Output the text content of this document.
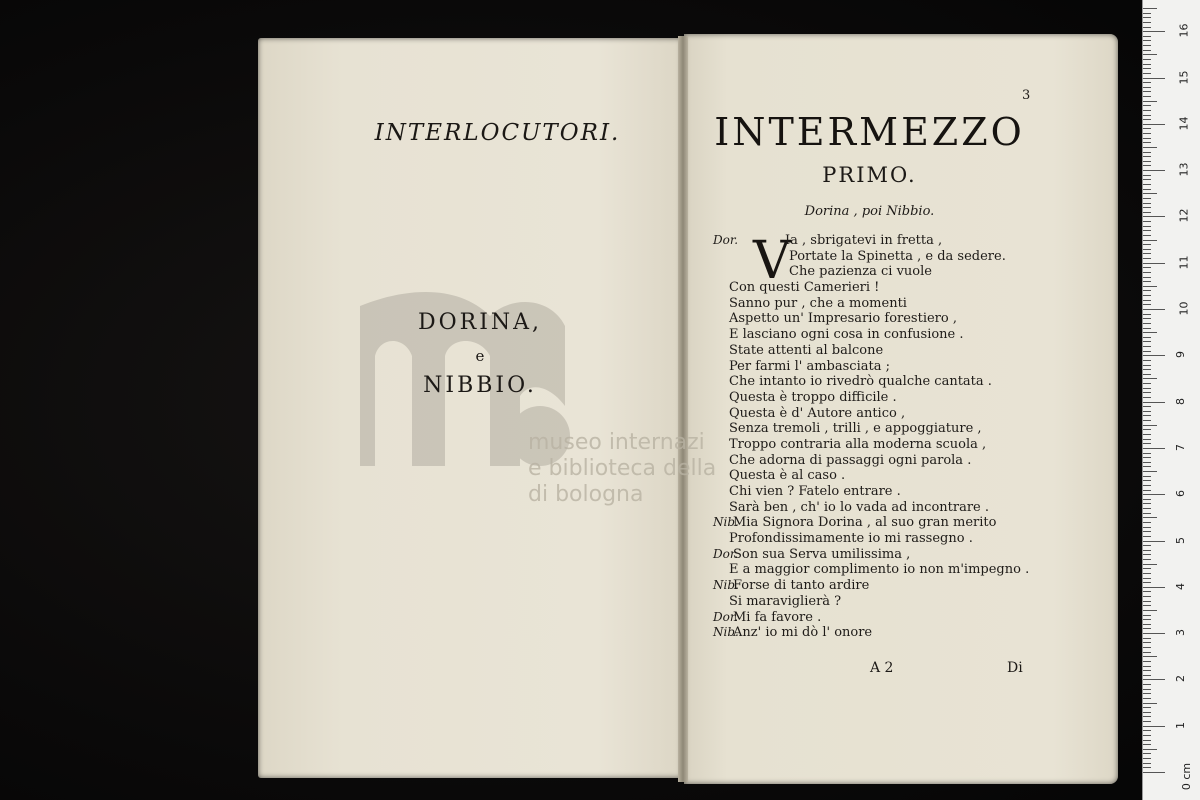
INTERLOCUTORI.
museo internazi
e biblioteca della
di bologna
DORINA,
e
NIBBIO.
3
INTERMEZZO
PRIMO.
Dorina , poi Nibbio.
V
Dor.	Ia , sbrigatevi in fretta ,
Portate la Spinetta , e da sedere.
Che pazienza ci vuole
Con questi Camerieri !
Sanno pur , che a momenti
Aspetto un' Impresario forestiero ,
E lasciano ogni cosa in confusione .
State attenti al balcone
Per farmi l' ambasciata ;
Che intanto io rivedrò qualche cantata .
Questa è troppo difficile .
Questa è d' Autore antico ,
Senza tremoli , trilli , e appoggiature ,
Troppo contraria alla moderna scuola ,
Che adorna di passaggi ogni parola .
Questa è al caso .
Chi vien ? Fatelo entrare .
Sarà ben , ch' io lo vada ad incontrare .
Nib.Mia Signora Dorina , al suo gran merito
Profondissimamente io mi rassegno .
Dor.Son sua Serva umilissima ,
E a maggior complimento io non m'impegno .
Nib.Forse di tanto ardire
Si maraviglierà ?
Dor.Mi fa favore .
Nib.Anz' io mi dò l' onore
A 2	Di
0 cm
1
2
3
4
5
6
7
8
9
10
11
12
13
14
15
16
